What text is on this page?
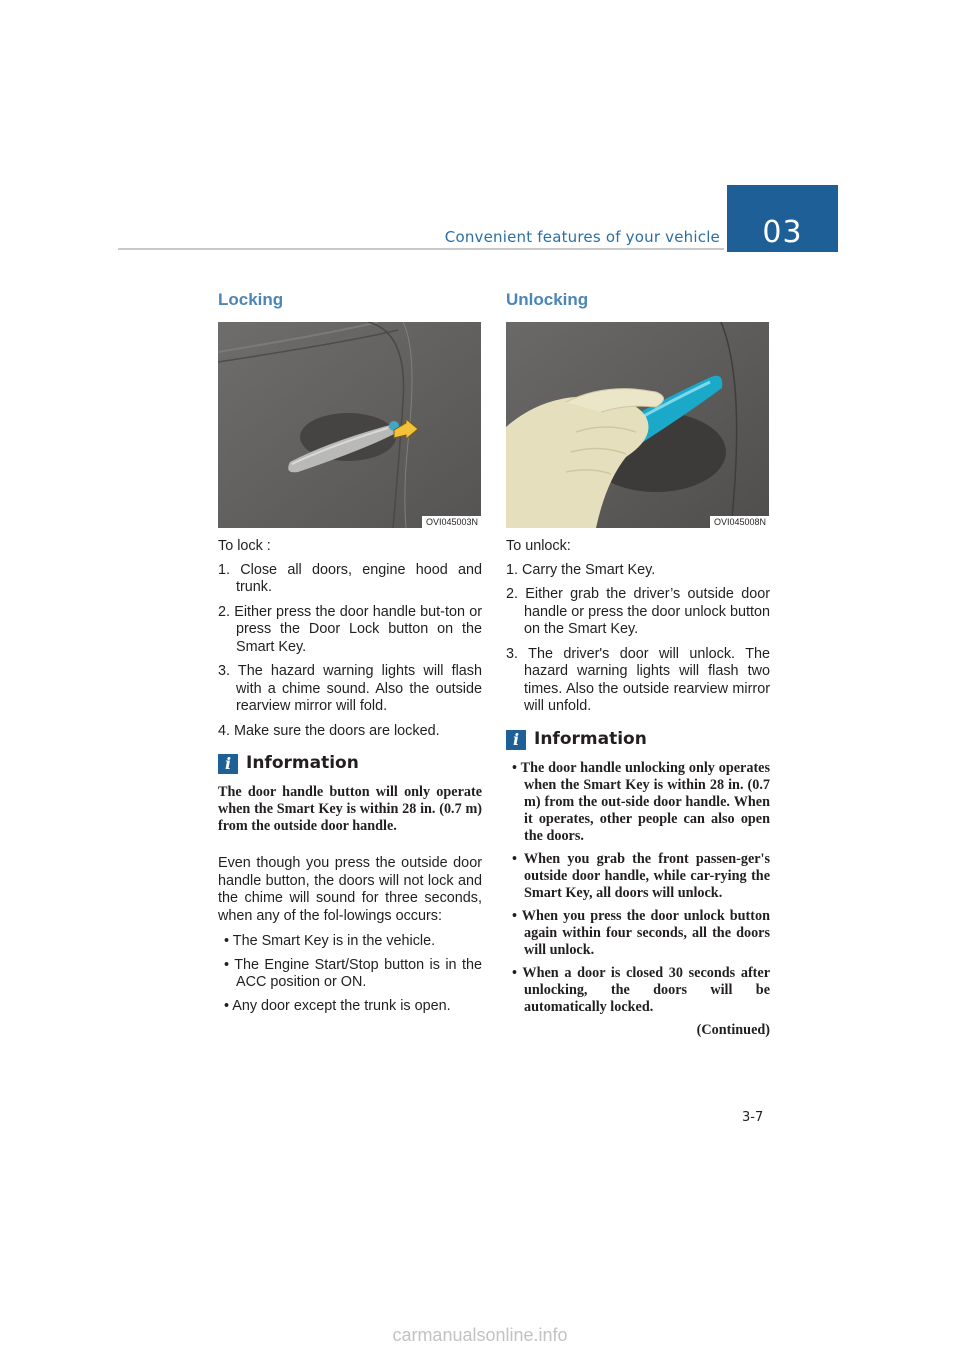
Convenient features of your vehicle	03
Locking
OVI045003N

To lock :

1. Close all doors, engine hood and trunk.
2. Either press the door handle but-ton or press the Door Lock button on the Smart Key.
3. The hazard warning lights will flash with a chime sound. Also the outside rearview mirror will fold.
4. Make sure the doors are locked.
i Information

The door handle button will only operate when the Smart Key is within 28 in. (0.7 m) from the outside door handle.

Even though you press the outside door handle button, the doors will not lock and the chime will sound for three seconds, when any of the fol-lowings occurs:

• The Smart Key is in the vehicle.
• The Engine Start/Stop button is in the ACC position or ON.
• Any door except the trunk is open.
Unlocking
OVI045008N

To unlock:

1. Carry the Smart Key.
2. Either grab the driver’s outside door handle or press the door unlock button on the Smart Key.
3. The driver's door will unlock. The hazard warning lights will flash two times. Also the outside rearview mirror will unfold.
i Information
• The door handle unlocking only operates when the Smart Key is within 28 in. (0.7 m) from the out-side door handle. When it operates, other people can also open the doors.
• When you grab the front passen-ger's outside door handle, while car-rying the Smart Key, all doors will unlock.
• When you press the door unlock button again within four seconds, all the doors will unlock.
• When a door is closed 30 seconds after unlocking, the doors will be automatically locked.
(Continued)
3-7
carmanualsonline.info
